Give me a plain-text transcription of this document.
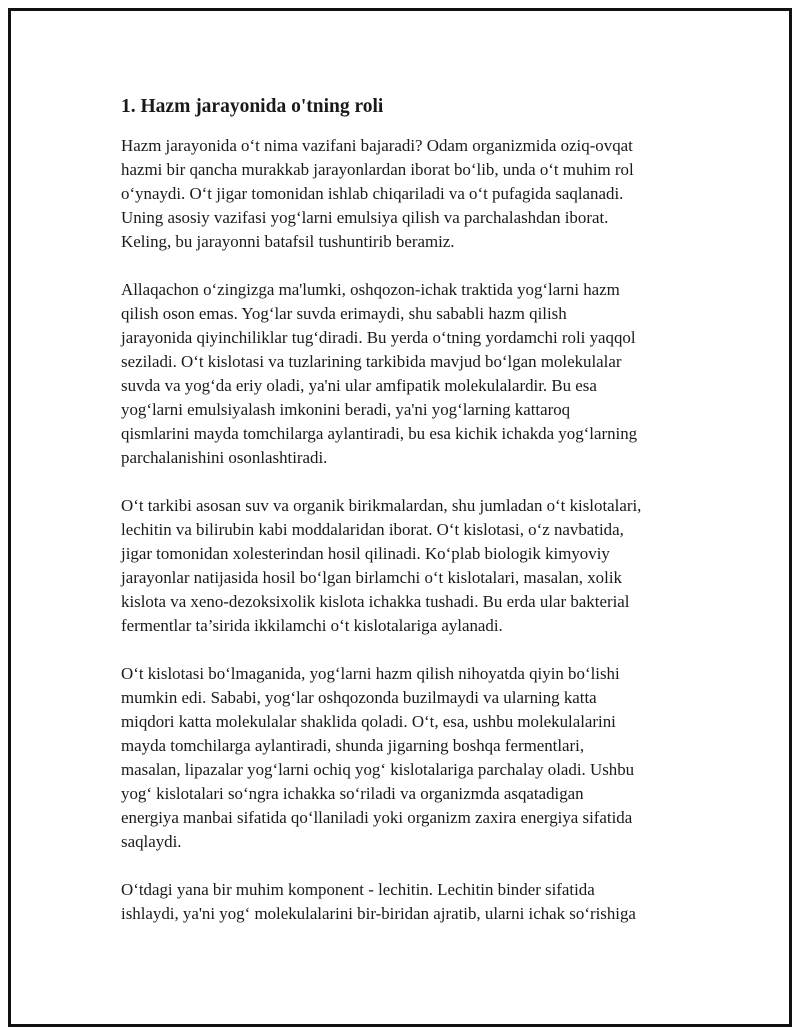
1. Hazm jarayonida o'tning roli

Hazm jarayonida o‘t nima vazifani bajaradi? Odam organizmida oziq-ovqat
hazmi bir qancha murakkab jarayonlardan iborat bo‘lib, unda o‘t muhim rol
o‘ynaydi. O‘t jigar tomonidan ishlab chiqariladi va o‘t pufagida saqlanadi.
Uning asosiy vazifasi yog‘larni emulsiya qilish va parchalashdan iborat.
Keling, bu jarayonni batafsil tushuntirib beramiz.

Allaqachon o‘zingizga ma'lumki, oshqozon-ichak traktida yog‘larni hazm
qilish oson emas. Yog‘lar suvda erimaydi, shu sababli hazm qilish
jarayonida qiyinchiliklar tug‘diradi. Bu yerda o‘tning yordamchi roli yaqqol
seziladi. O‘t kislotasi va tuzlarining tarkibida mavjud bo‘lgan molekulalar
suvda va yog‘da eriy oladi, ya'ni ular amfipatik molekulalardir. Bu esa
yog‘larni emulsiyalash imkonini beradi, ya'ni yog‘larning kattaroq
qismlarini mayda tomchilarga aylantiradi, bu esa kichik ichakda yog‘larning
parchalanishini osonlashtiradi.

O‘t tarkibi asosan suv va organik birikmalardan, shu jumladan o‘t kislotalari,
lechitin va bilirubin kabi moddalaridan iborat. O‘t kislotasi, o‘z navbatida,
jigar tomonidan xolesterindan hosil qilinadi. Ko‘plab biologik kimyoviy
jarayonlar natijasida hosil bo‘lgan birlamchi o‘t kislotalari, masalan, xolik
kislota va xeno-dezoksixolik kislota ichakka tushadi. Bu erda ular bakterial
fermentlar ta’sirida ikkilamchi o‘t kislotalariga aylanadi.

O‘t kislotasi bo‘lmaganida, yog‘larni hazm qilish nihoyatda qiyin bo‘lishi
mumkin edi. Sababi, yog‘lar oshqozonda buzilmaydi va ularning katta
miqdori katta molekulalar shaklida qoladi. O‘t, esa, ushbu molekulalarini
mayda tomchilarga aylantiradi, shunda jigarning boshqa fermentlari,
masalan, lipazalar yog‘larni ochiq yog‘ kislotalariga parchalay oladi. Ushbu
yog‘ kislotalari so‘ngra ichakka so‘riladi va organizmda asqatadigan
energiya manbai sifatida qo‘llaniladi yoki organizm zaxira energiya sifatida
saqlaydi.

O‘tdagi yana bir muhim komponent - lechitin. Lechitin binder sifatida
ishlaydi, ya'ni yog‘ molekulalarini bir-biridan ajratib, ularni ichak so‘rishiga
